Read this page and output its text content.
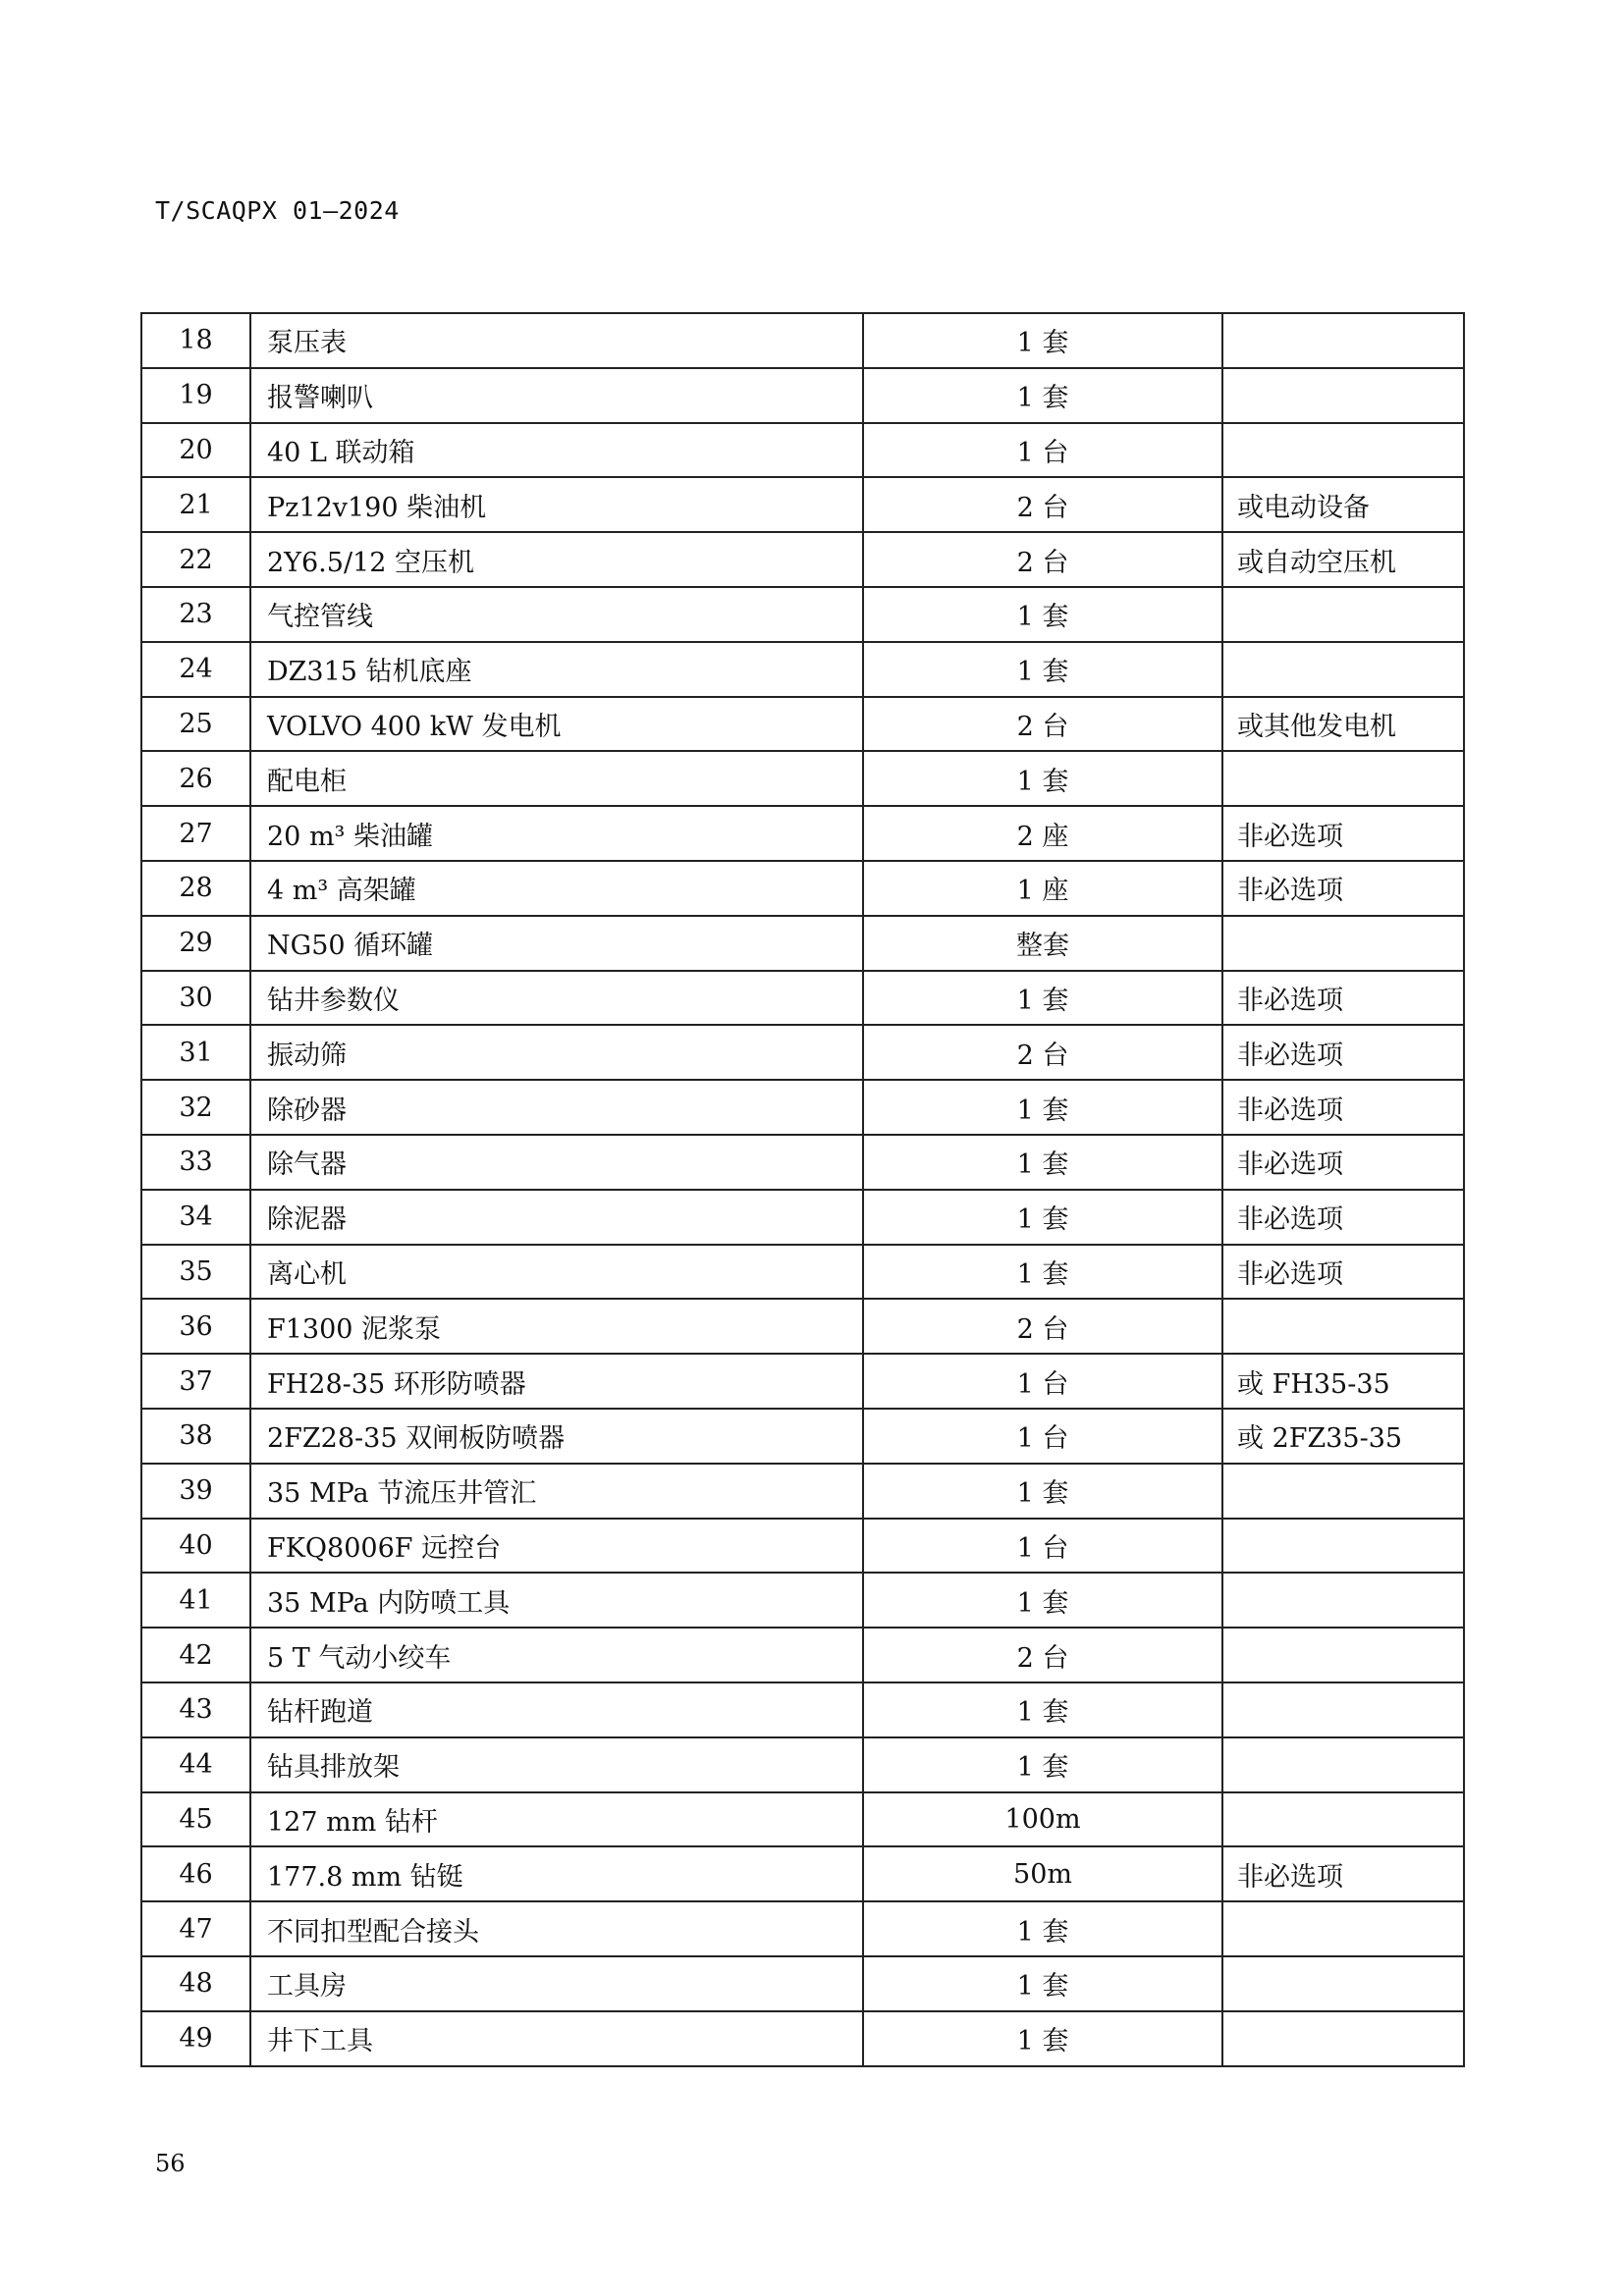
T/SCAQPX 01—2024
18	泵压表	1 套	
19	报警喇叭	1 套	
20	40 L 联动箱	1 台	
21	Pz12v190 柴油机	2 台	或电动设备
22	2Y6.5/12 空压机	2 台	或自动空压机
23	气控管线	1 套	
24	DZ315 钻机底座	1 套	
25	VOLVO 400 kW 发电机	2 台	或其他发电机
26	配电柜	1 套	
27	20 m³ 柴油罐	2 座	非必选项
28	4 m³ 高架罐	1 座	非必选项
29	NG50 循环罐	整套	
30	钻井参数仪	1 套	非必选项
31	振动筛	2 台	非必选项
32	除砂器	1 套	非必选项
33	除气器	1 套	非必选项
34	除泥器	1 套	非必选项
35	离心机	1 套	非必选项
36	F1300 泥浆泵	2 台	
37	FH28-35 环形防喷器	1 台	或 FH35-35
38	2FZ28-35 双闸板防喷器	1 台	或 2FZ35-35
39	35 MPa 节流压井管汇	1 套	
40	FKQ8006F 远控台	1 台	
41	35 MPa 内防喷工具	1 套	
42	5 T 气动小绞车	2 台	
43	钻杆跑道	1 套	
44	钻具排放架	1 套	
45	127 mm 钻杆	100m	
46	177.8 mm 钻铤	50m	非必选项
47	不同扣型配合接头	1 套	
48	工具房	1 套	
49	井下工具	1 套	
56
